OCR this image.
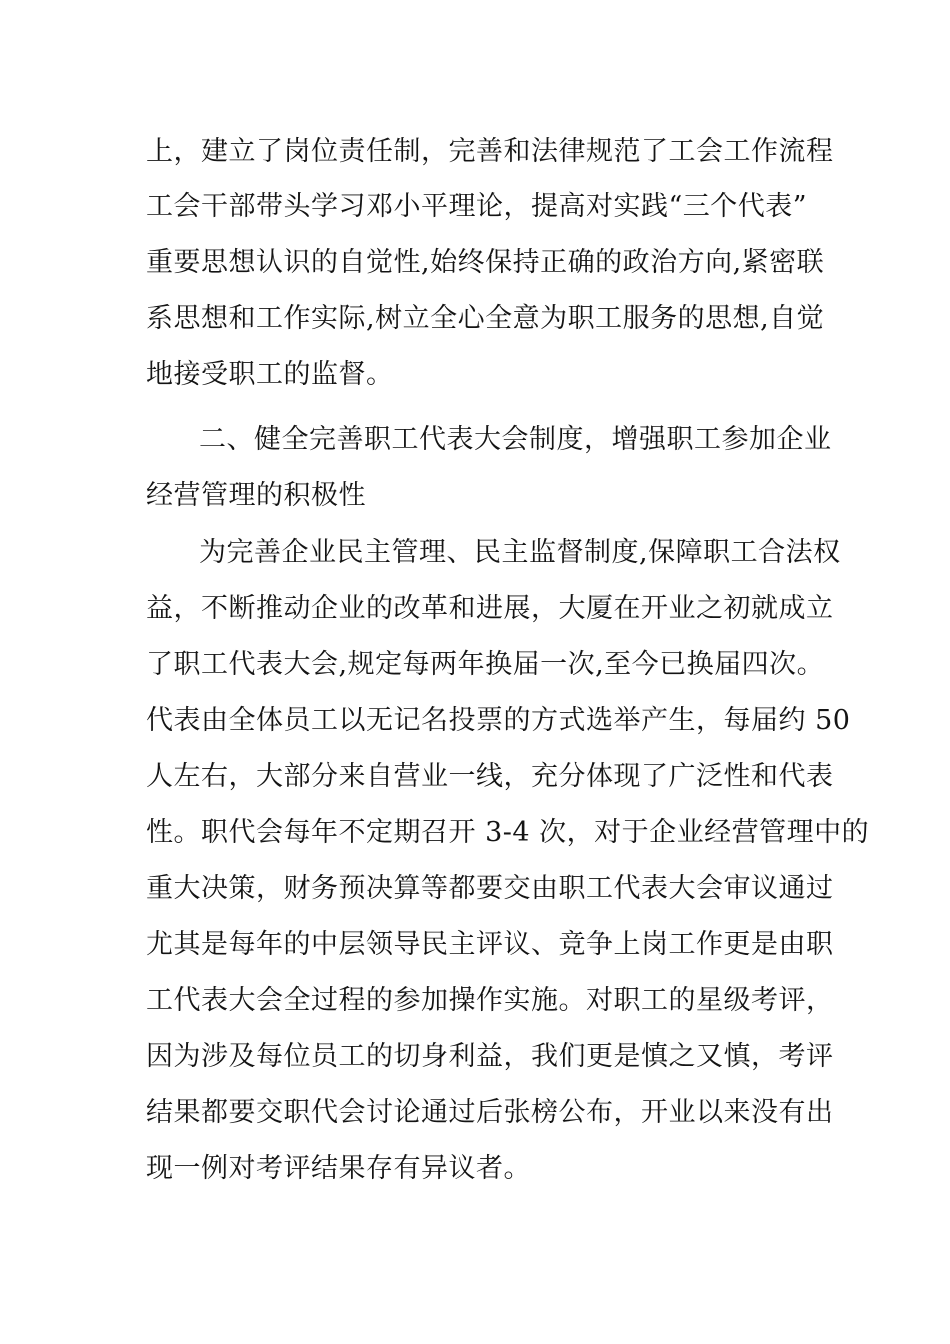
上，建立了岗位责任制，完善和法律规范了工会工作流程
工会干部带头学习邓小平理论，提高对实践“三个代表”
重要思想认识的自觉性,始终保持正确的政治方向,紧密联
系思想和工作实际,树立全心全意为职工服务的思想,自觉
地接受职工的监督。
二、健全完善职工代表大会制度，增强职工参加企业
经营管理的积极性
为完善企业民主管理、民主监督制度,保障职工合法权
益，不断推动企业的改革和进展，大厦在开业之初就成立
了职工代表大会,规定每两年换届一次,至今已换届四次。
代表由全体员工以无记名投票的方式选举产生，每届约 50
人左右，大部分来自营业一线，充分体现了广泛性和代表
性。职代会每年不定期召开 3-4 次，对于企业经营管理中的
重大决策，财务预决算等都要交由职工代表大会审议通过
尤其是每年的中层领导民主评议、竞争上岗工作更是由职
工代表大会全过程的参加操作实施。对职工的星级考评，
因为涉及每位员工的切身利益，我们更是慎之又慎，考评
结果都要交职代会讨论通过后张榜公布，开业以来没有出
现一例对考评结果存有异议者。
